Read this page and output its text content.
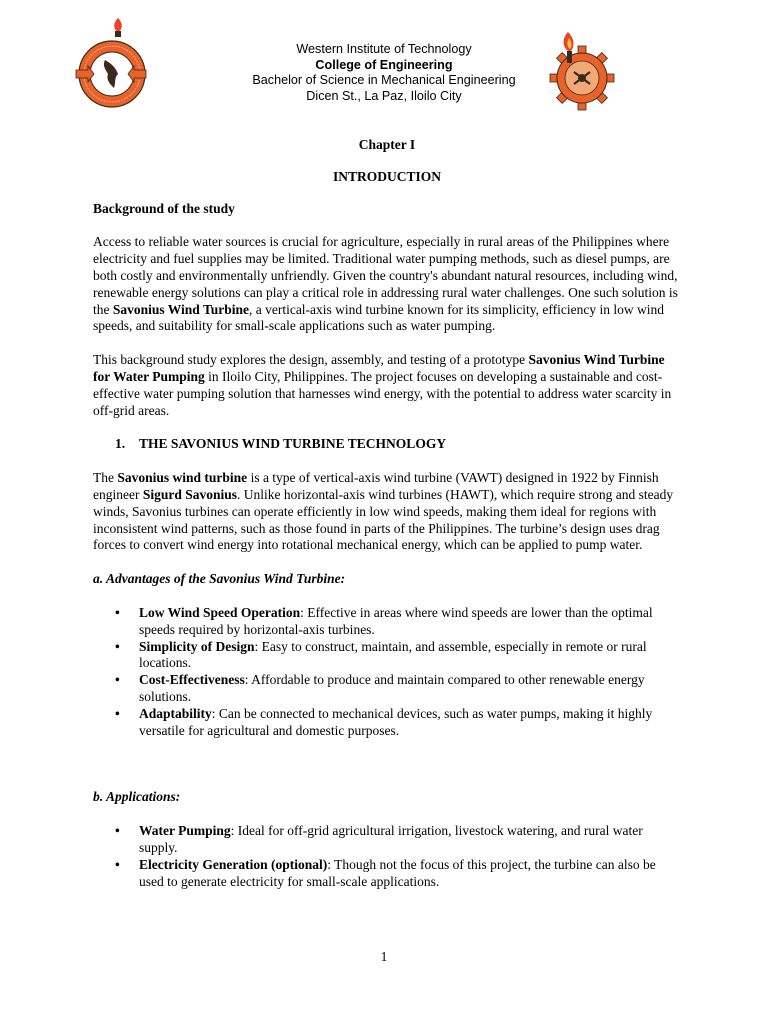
Western Institute of Technology
College of Engineering
Bachelor of Science in Mechanical Engineering
Dicen St., La Paz, Iloilo City
Chapter I
INTRODUCTION
Background of the study

Access to reliable water sources is crucial for agriculture, especially in rural areas of the Philippines where electricity and fuel supplies may be limited. Traditional water pumping methods, such as diesel pumps, are both costly and environmentally unfriendly. Given the country's abundant natural resources, including wind, renewable energy solutions can play a critical role in addressing rural water challenges. One such solution is the Savonius Wind Turbine, a vertical-axis wind turbine known for its simplicity, efficiency in low wind speeds, and suitability for small-scale applications such as water pumping.

This background study explores the design, assembly, and testing of a prototype Savonius Wind Turbine for Water Pumping in Iloilo City, Philippines. The project focuses on developing a sustainable and cost-effective water pumping solution that harnesses wind energy, with the potential to address water scarcity in off-grid areas.

1. THE SAVONIUS WIND TURBINE TECHNOLOGY

The Savonius wind turbine is a type of vertical-axis wind turbine (VAWT) designed in 1922 by Finnish engineer Sigurd Savonius. Unlike horizontal-axis wind turbines (HAWT), which require strong and steady winds, Savonius turbines can operate efficiently in low wind speeds, making them ideal for regions with inconsistent wind patterns, such as those found in parts of the Philippines. The turbine’s design uses drag forces to convert wind energy into rotational mechanical energy, which can be applied to pump water.

a. Advantages of the Savonius Wind Turbine:
• Low Wind Speed Operation: Effective in areas where wind speeds are lower than the optimal speeds required by horizontal-axis turbines.
• Simplicity of Design: Easy to construct, maintain, and assemble, especially in remote or rural locations.
• Cost-Effectiveness: Affordable to produce and maintain compared to other renewable energy solutions.
• Adaptability: Can be connected to mechanical devices, such as water pumps, making it highly versatile for agricultural and domestic purposes.
b. Applications:
• Water Pumping: Ideal for off-grid agricultural irrigation, livestock watering, and rural water supply.
• Electricity Generation (optional): Though not the focus of this project, the turbine can also be used to generate electricity for small-scale applications.
1
